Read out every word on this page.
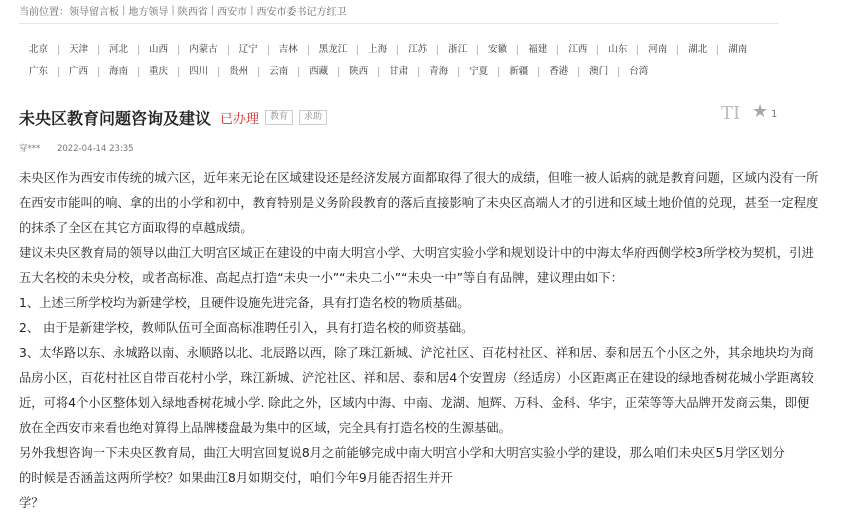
当前位置： 领导留言板 | 地方领导 | 陕西省 | 西安市 | 西安市委书记方红卫
北京	天津	河北	山西	内蒙古	辽宁	吉林	黑龙江	上海	江苏	浙江	安徽	福建	江西	山东	河南	湖北	湖南
广东	广西	海南	重庆	四川	贵州	云南	西藏	陕西	甘肃	青海	宁夏	新疆	香港	澳门	台湾
未央区教育问题咨询及建议 已办理	教育	求助	TI ★ 1
穿*** 2022-04-14 23:35
未央区作为西安市传统的城六区，近年来无论在区域建设还是经济发展方面都取得了很大的成绩，但唯一被人诟病的就是教育问题，区域内没有一所
在西安市能叫的响、拿的出的小学和初中，教育特别是义务阶段教育的落后直接影响了未央区高端人才的引进和区域土地价值的兑现，甚至一定程度
的抹杀了全区在其它方面取得的卓越成绩。
建议未央区教育局的领导以曲江大明宫区域正在建设的中南大明宫小学、大明宫实验小学和规划设计中的中海太华府西侧学校3所学校为契机，引进
五大名校的未央分校，或者高标准、高起点打造“未央一小”“未央二小”“未央一中”等自有品牌，建议理由如下：
1、上述三所学校均为新建学校，且硬件设施先进完备，具有打造名校的物质基础。
2、 由于是新建学校，教师队伍可全面高标准聘任引入，具有打造名校的师资基础。
3、太华路以东、永城路以南、永顺路以北、北辰路以西，除了珠江新城、浐沱社区、百花村社区、祥和居、泰和居五个小区之外，其余地块均为商
品房小区，百花村社区自带百花村小学，珠江新城、浐沱社区、祥和居、泰和居4个安置房（经适房）小区距离正在建设的绿地香树花城小学距离较
近，可将4个小区整体划入绿地香树花城小学. 除此之外，区域内中海、中南、龙湖、旭辉、万科、金科、华宇，正荣等等大品牌开发商云集，即便
放在全西安市来看也绝对算得上品牌楼盘最为集中的区域，完全具有打造名校的生源基础。
另外我想咨询一下未央区教育局，曲江大明宫回复说8月之前能够完成中南大明宫小学和大明宫实验小学的建设，那么咱们未央区5月学区划分
的时候是否涵盖这两所学校？如果曲江8月如期交付，咱们今年9月能否招生并开
学？
